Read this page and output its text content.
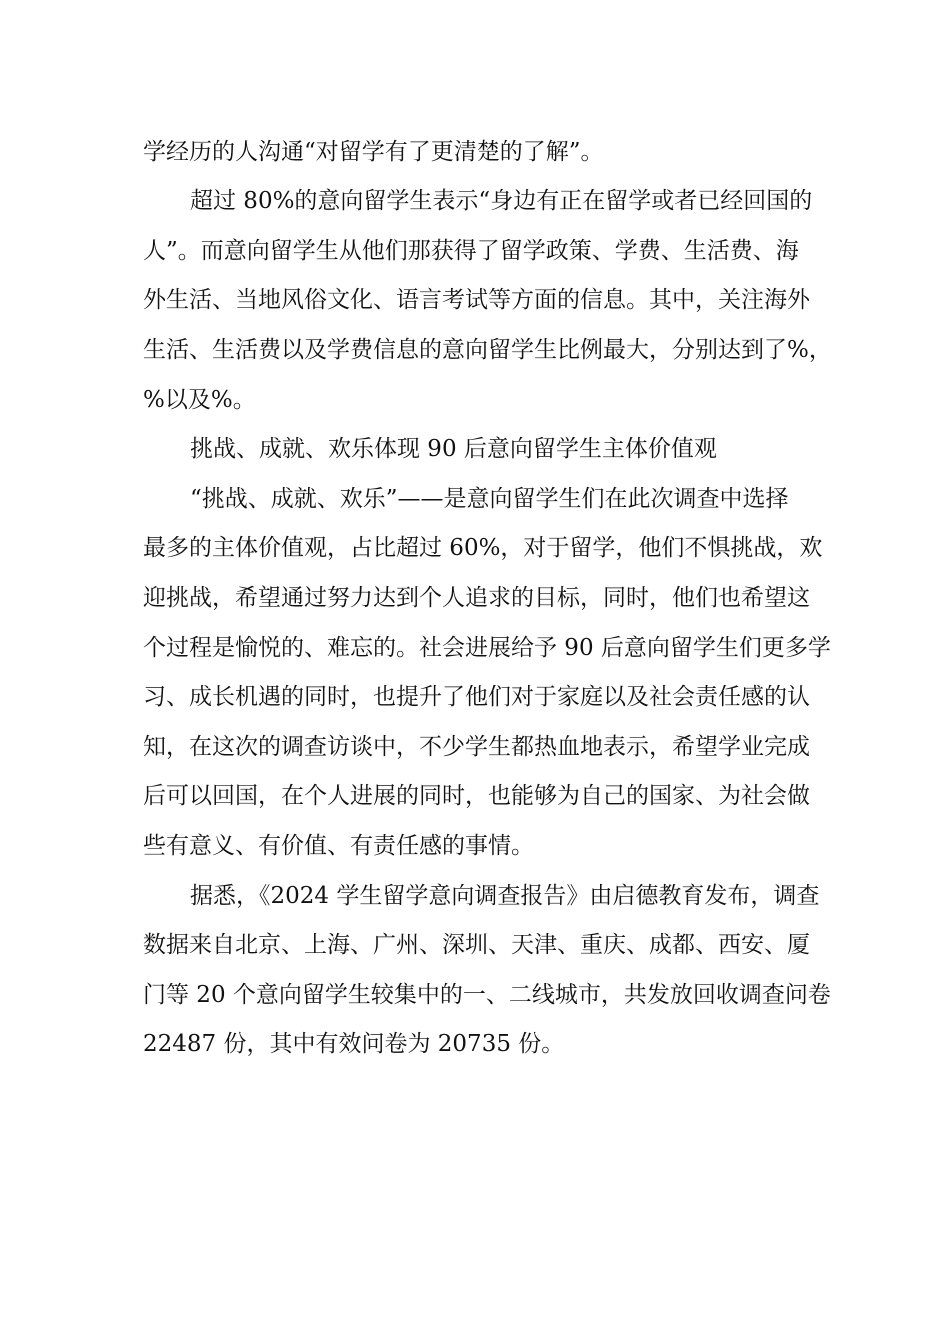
学经历的人沟通“对留学有了更清楚的了解”。
超过 80%的意向留学生表示“身边有正在留学或者已经回国的
人”。而意向留学生从他们那获得了留学政策、学费、生活费、海
外生活、当地风俗文化、语言考试等方面的信息。其中，关注海外
生活、生活费以及学费信息的意向留学生比例最大，分别达到了%，
%以及%。
挑战、成就、欢乐体现 90 后意向留学生主体价值观
“挑战、成就、欢乐”——是意向留学生们在此次调查中选择
最多的主体价值观，占比超过 60%，对于留学，他们不惧挑战，欢
迎挑战，希望通过努力达到个人追求的目标，同时，他们也希望这
个过程是愉悦的、难忘的。社会进展给予 90 后意向留学生们更多学
习、成长机遇的同时，也提升了他们对于家庭以及社会责任感的认
知，在这次的调查访谈中，不少学生都热血地表示，希望学业完成
后可以回国，在个人进展的同时，也能够为自己的国家、为社会做
些有意义、有价值、有责任感的事情。
据悉，《2024 学生留学意向调查报告》由启德教育发布，调查
数据来自北京、上海、广州、深圳、天津、重庆、成都、西安、厦
门等 20 个意向留学生较集中的一、二线城市，共发放回收调查问卷
22487 份，其中有效问卷为 20735 份。
